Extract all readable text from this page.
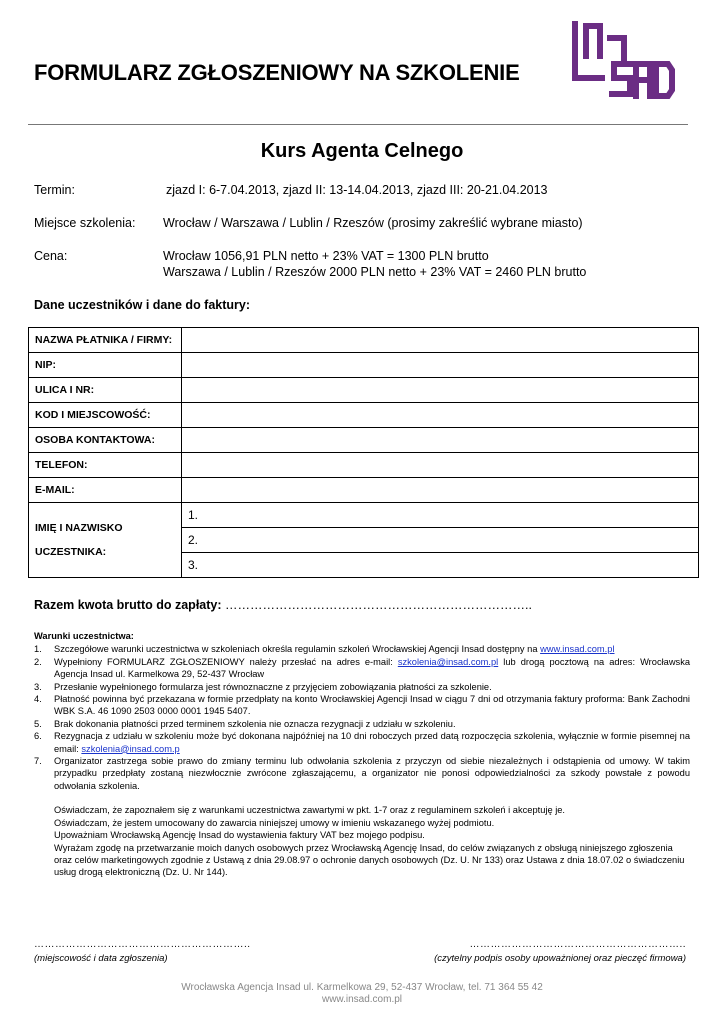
FORMULARZ ZGŁOSZENIOWY NA SZKOLENIE
Kurs Agenta Celnego
Termin:	zjazd I: 6-7.04.2013, zjazd II: 13-14.04.2013, zjazd III: 20-21.04.2013
Miejsce szkolenia: Wrocław / Warszawa / Lublin / Rzeszów (prosimy zakreślić wybrane miasto)
Cena:	Wrocław 1056,91 PLN netto + 23% VAT = 1300 PLN brutto
Warszawa / Lublin / Rzeszów 2000 PLN netto + 23% VAT = 2460 PLN brutto
Dane uczestników i dane do faktury:
NAZWA PŁATNIKA / FIRMY:	
NIP:	
ULICA I NR:	
KOD I MIEJSCOWOŚĆ:	
OSOBA KONTAKTOWA:	
TELEFON:	
E-MAIL:	

IMIĘ I NAZWISKO
UCZESTNIKA:	1.
	2.
	3.
Razem kwota brutto do zapłaty: ………………………………………………………………..
Warunki uczestnictwa:
1. Szczegółowe warunki uczestnictwa w szkoleniach określa regulamin szkoleń Wrocławskiej Agencji Insad dostępny na www.insad.com.pl
2. Wypełniony FORMULARZ ZGŁOSZENIOWY należy przesłać na adres e-mail: szkolenia@insad.com.pl lub drogą pocztową na adres: Wrocławska Agencja Insad ul. Karmelkowa 29, 52-437 Wrocław
3. Przesłanie wypełnionego formularza jest równoznaczne z przyjęciem zobowiązania płatności za szkolenie.
4. Płatność powinna być przekazana w formie przedpłaty na konto Wrocławskiej Agencji Insad w ciągu 7 dni od otrzymania faktury proforma: Bank Zachodni WBK S.A. 46 1090 2503 0000 0001 1945 5407.
5. Brak dokonania płatności przed terminem szkolenia nie oznacza rezygnacji z udziału w szkoleniu.
6. Rezygnacja z udziału w szkoleniu może być dokonana najpóźniej na 10 dni roboczych przed datą rozpoczęcia szkolenia, wyłącznie w formie pisemnej na email: szkolenia@insad.com.p
7. Organizator zastrzega sobie prawo do zmiany terminu lub odwołania szkolenia z przyczyn od siebie niezależnych i odstąpienia od umowy. W takim przypadku przedpłaty zostaną niezwłocznie zwrócone zgłaszającemu, a organizator nie ponosi odpowiedzialności za szkody powstałe z powodu odwołania szkolenia.

Oświadczam, że zapoznałem się z warunkami uczestnictwa zawartymi w pkt. 1-7 oraz z regulaminem szkoleń i akceptuję je.

Oświadczam, że jestem umocowany do zawarcia niniejszej umowy w imieniu wskazanego wyżej podmiotu.

Upoważniam Wrocławską Agencję Insad do wystawienia faktury VAT bez mojego podpisu.

Wyrażam zgodę na przetwarzanie moich danych osobowych przez Wrocławską Agencję Insad, do celów związanych z obsługą niniejszego zgłoszenia oraz celów marketingowych zgodnie z Ustawą z dnia 29.08.97 o ochronie danych osobowych (Dz. U. Nr 133) oraz Ustawa z dnia 18.07.02 o świadczeniu usług drogą elektroniczną (Dz. U. Nr 144).

……………………………………………………..
(miejscowość i data zgłoszenia)
……………………………………………………..
(czytelny podpis osoby upoważnionej oraz pieczęć firmowa)
Wrocławska Agencja Insad ul. Karmelkowa 29, 52-437 Wrocław, tel. 71 364 55 42
www.insad.com.pl
